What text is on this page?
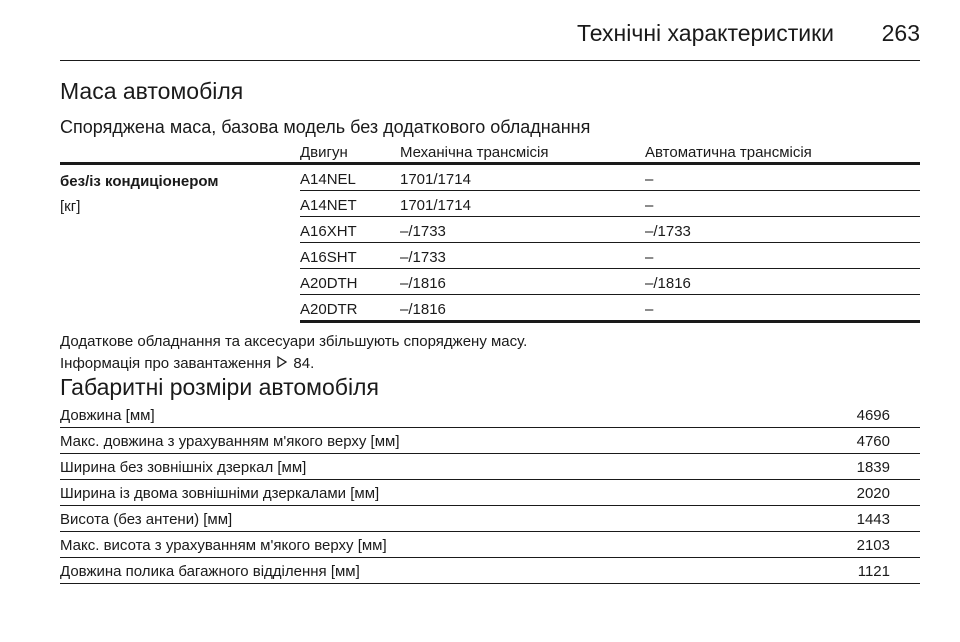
Технічні характеристики 263
Маса автомобіля
Споряджена маса, базова модель без додаткового обладнання
Двигун	Механічна трансмісія	Автоматична трансмісія
без/із кондиціонером
[кг]
A14NEL	1701/1714	–
A14NET	1701/1714	–
A16XHT	–/1733	–/1733
A16SHT	–/1733	–
A20DTH	–/1816	–/1816
A20DTR	–/1816	–
Додаткове обладнання та аксесуари збільшують споряджену масу.
Інформація про завантаження 84.
Габаритні розміри автомобіля
Довжина [мм]	4696
Макс. довжина з урахуванням м'якого верху [мм]	4760
Ширина без зовнішніх дзеркал [мм]	1839
Ширина із двома зовнішніми дзеркалами [мм]	2020
Висота (без антени) [мм]	1443
Макс. висота з урахуванням м'якого верху [мм]	2103
Довжина полика багажного відділення [мм]	1121
